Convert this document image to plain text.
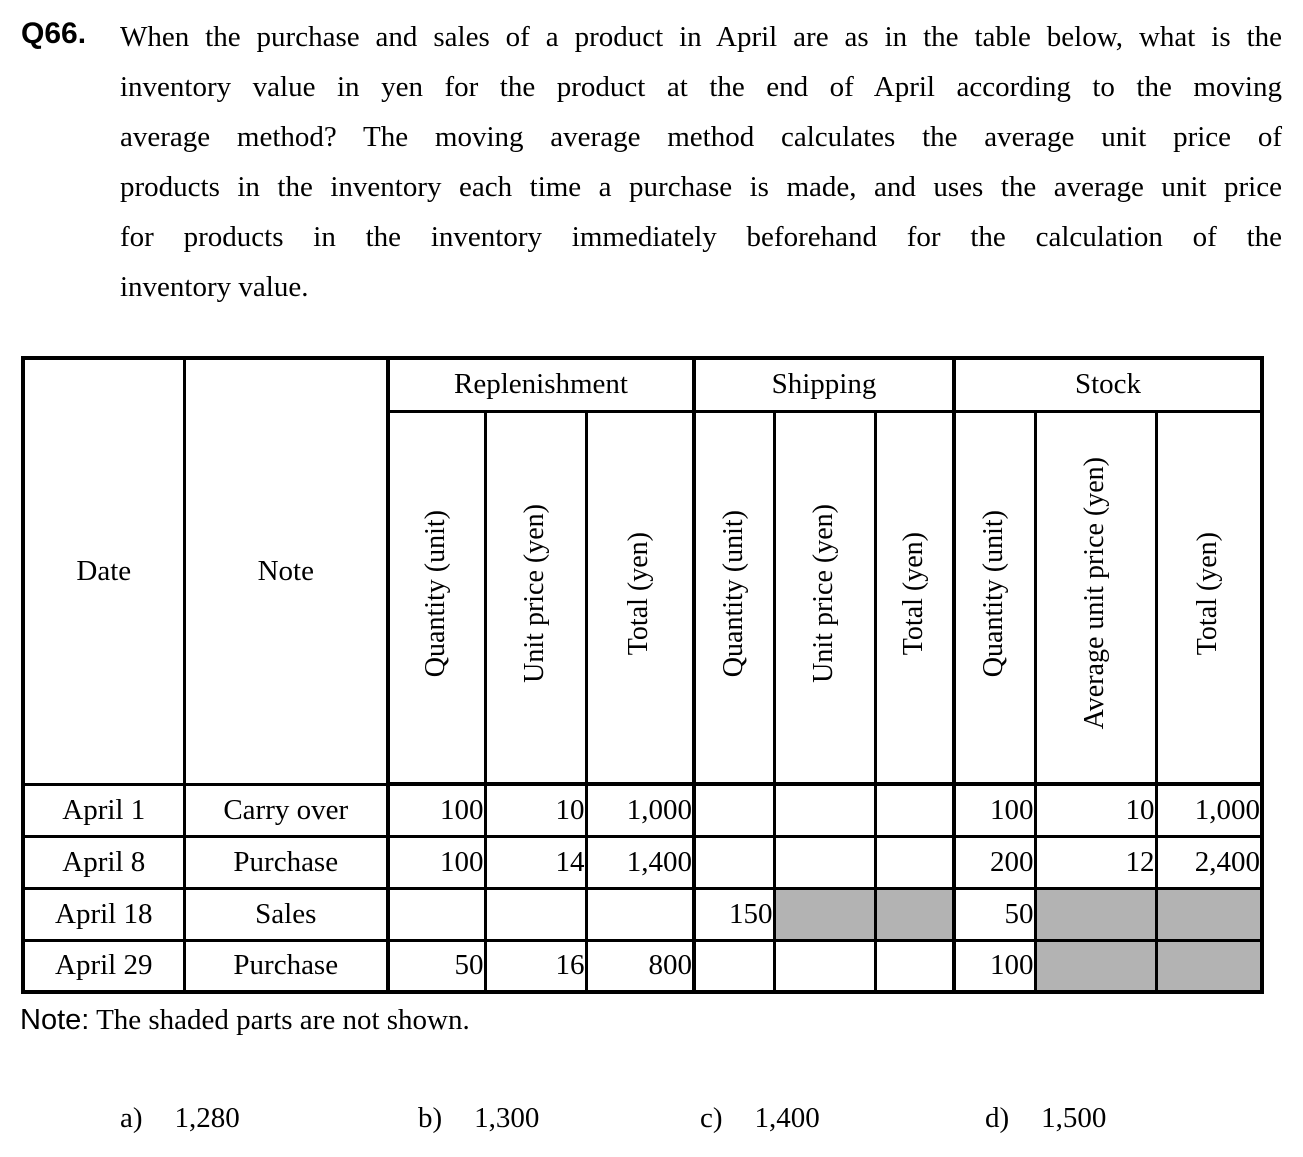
Q66. When the purchase and sales of a product in April are as in the table below, what is the
inventory value in yen for the product at the end of April according to the moving
average method? The moving average method calculates the average unit price of
products in the inventory each time a purchase is made, and uses the average unit price
for products in the inventory immediately beforehand for the calculation of the
inventory value.
Date	Note	Replenishment			Shipping			Stock		
		Quantity (unit)	Unit price (yen)	Total (yen)	Quantity (unit)	Unit price (yen)	Total (yen)	Quantity (unit)	Average unit price (yen)	Total (yen)
April 1	Carry over	100	10	1,000				100	10	1,000
April 8	Purchase	100	14	1,400				200	12	2,400
April 18	Sales				150			50		
April 29	Purchase	50	16	800				100		
Note: The shaded parts are not shown.
a) 1,280	b) 1,300	c) 1,400	d) 1,500
